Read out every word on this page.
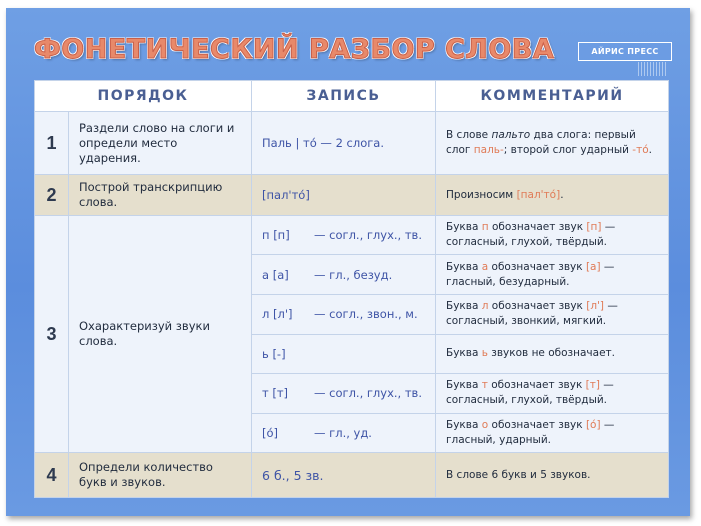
ФОНЕТИЧЕСКИЙ РАЗБОР СЛОВА	АЙРИС ПРЕСС
ПОРЯДОК		ЗАПИСЬ	КОММЕНТАРИЙ
1	Раздели слово на слоги и определи место ударения.	Паль | то — 2 слога.	В слове пальто два слога: первый слог паль-; второй слог ударный -то́.
2	Построй транскрипцию слова.	[пал'то́]	Произносим [пал'то́].
3	Охарактеризуй звуки слова.	п [п] — согл., глух., тв.	Буква п обозначает звук [п] — согласный, глухой, твёрдый.
		а [а] — гл., безуд.	Буква а обозначает звук [а] — гласный, безударный.
		л [л'] — согл., звон., м.	Буква л обозначает звук [л'] — согласный, звонкий, мягкий.
		ь [-]	Буква ь звуков не обозначает.
		т [т] — согл., глух., тв.	Буква т обозначает звук [т] — согласный, глухой, твёрдый.
		[о́] — гл., уд.	Буква о обозначает звук [о́] — гласный, ударный.
4	Определи количество букв и звуков.	6 б., 5 зв.	В слове 6 букв и 5 звуков.
